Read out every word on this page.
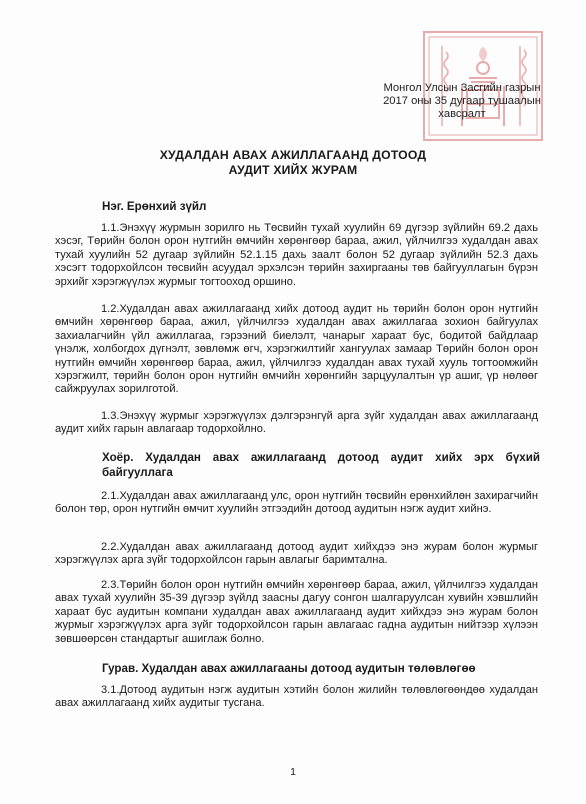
Монгол Улсын Засгийн газрын
2017 оны 35 дугаар тушаалын
хавсралт
ХУДАЛДАН АВАХ АЖИЛЛАГААНД ДОТООД
АУДИТ ХИЙХ ЖУРАМ
Нэг. Ерөнхий зүйл

1.1.Энэхүү журмын зорилго нь Төсвийн тухай хуулийн 69 дүгээр зүйлийн 69.2 дахь хэсэг, Төрийн болон орон нутгийн өмчийн хөрөнгөөр бараа, ажил, үйлчилгээ худалдан авах тухай хуулийн 52 дугаар зүйлийн 52.1.15 дахь заалт болон 52 дугаар зүйлийн 52.3 дахь хэсэгт тодорхойлсон төсвийн асуудал эрхэлсэн төрийн захиргааны төв байгууллагын бүрэн эрхийг хэрэгжүүлэх журмыг тогтооход оршино.

1.2.Худалдан авах ажиллагаанд хийх дотоод аудит нь төрийн болон орон нутгийн өмчийн хөрөнгөөр бараа, ажил, үйлчилгээ худалдан авах ажиллагаа зохион байгуулах захиалагчийн үйл ажиллагаа, гэрээний биелэлт, чанарыг хараат бус, бодитой байдлаар үнэлж, холбогдох дүгнэлт, зөвлөмж өгч, хэрэгжилтийг хангуулах замаар Төрийн болон орон нутгийн өмчийн хөрөнгөөр бараа, ажил, үйлчилгээ худалдан авах тухай хууль тогтоомжийн хэрэгжилт, төрийн болон орон нутгийн өмчийн хөрөнгийн зарцуулалтын үр ашиг, үр нөлөөг сайжруулах зорилготой.

1.3.Энэхүү журмыг хэрэгжүүлэх дэлгэрэнгүй арга зүйг худалдан авах ажиллагаанд аудит хийх гарын авлагаар тодорхойлно.

Хоёр. Худалдан авах ажиллагаанд дотоод аудит хийх эрх бүхий байгууллага

2.1.Худалдан авах ажиллагаанд улс, орон нутгийн төсвийн ерөнхийлөн захирагчийн болон төр, орон нутгийн өмчит хуулийн этгээдийн дотоод аудитын нэгж аудит хийнэ.

2.2.Худалдан авах ажиллагаанд дотоод аудит хийхдээ энэ журам болон журмыг хэрэгжүүлэх арга зүйг тодорхойлсон гарын авлагыг баримтална.

2.3.Төрийн болон орон нутгийн өмчийн хөрөнгөөр бараа, ажил, үйлчилгээ худалдан авах тухай хуулийн 35-39 дүгээр зүйлд заасны дагуу сонгон шалгаруулсан хувийн хэвшлийн хараат бус аудитын компани худалдан авах ажиллагаанд аудит хийхдээ энэ журам болон журмыг хэрэгжүүлэх арга зүйг тодорхойлсон гарын авлагаас гадна аудитын нийтээр хүлээн зөвшөөрсөн стандартыг ашиглаж болно.

Гурав. Худалдан авах ажиллагааны дотоод аудитын төлөвлөгөө

3.1.Дотоод аудитын нэгж аудитын хэтийн болон жилийн төлөвлөгөөндөө худалдан авах ажиллагаанд хийх аудитыг тусгана.

1
